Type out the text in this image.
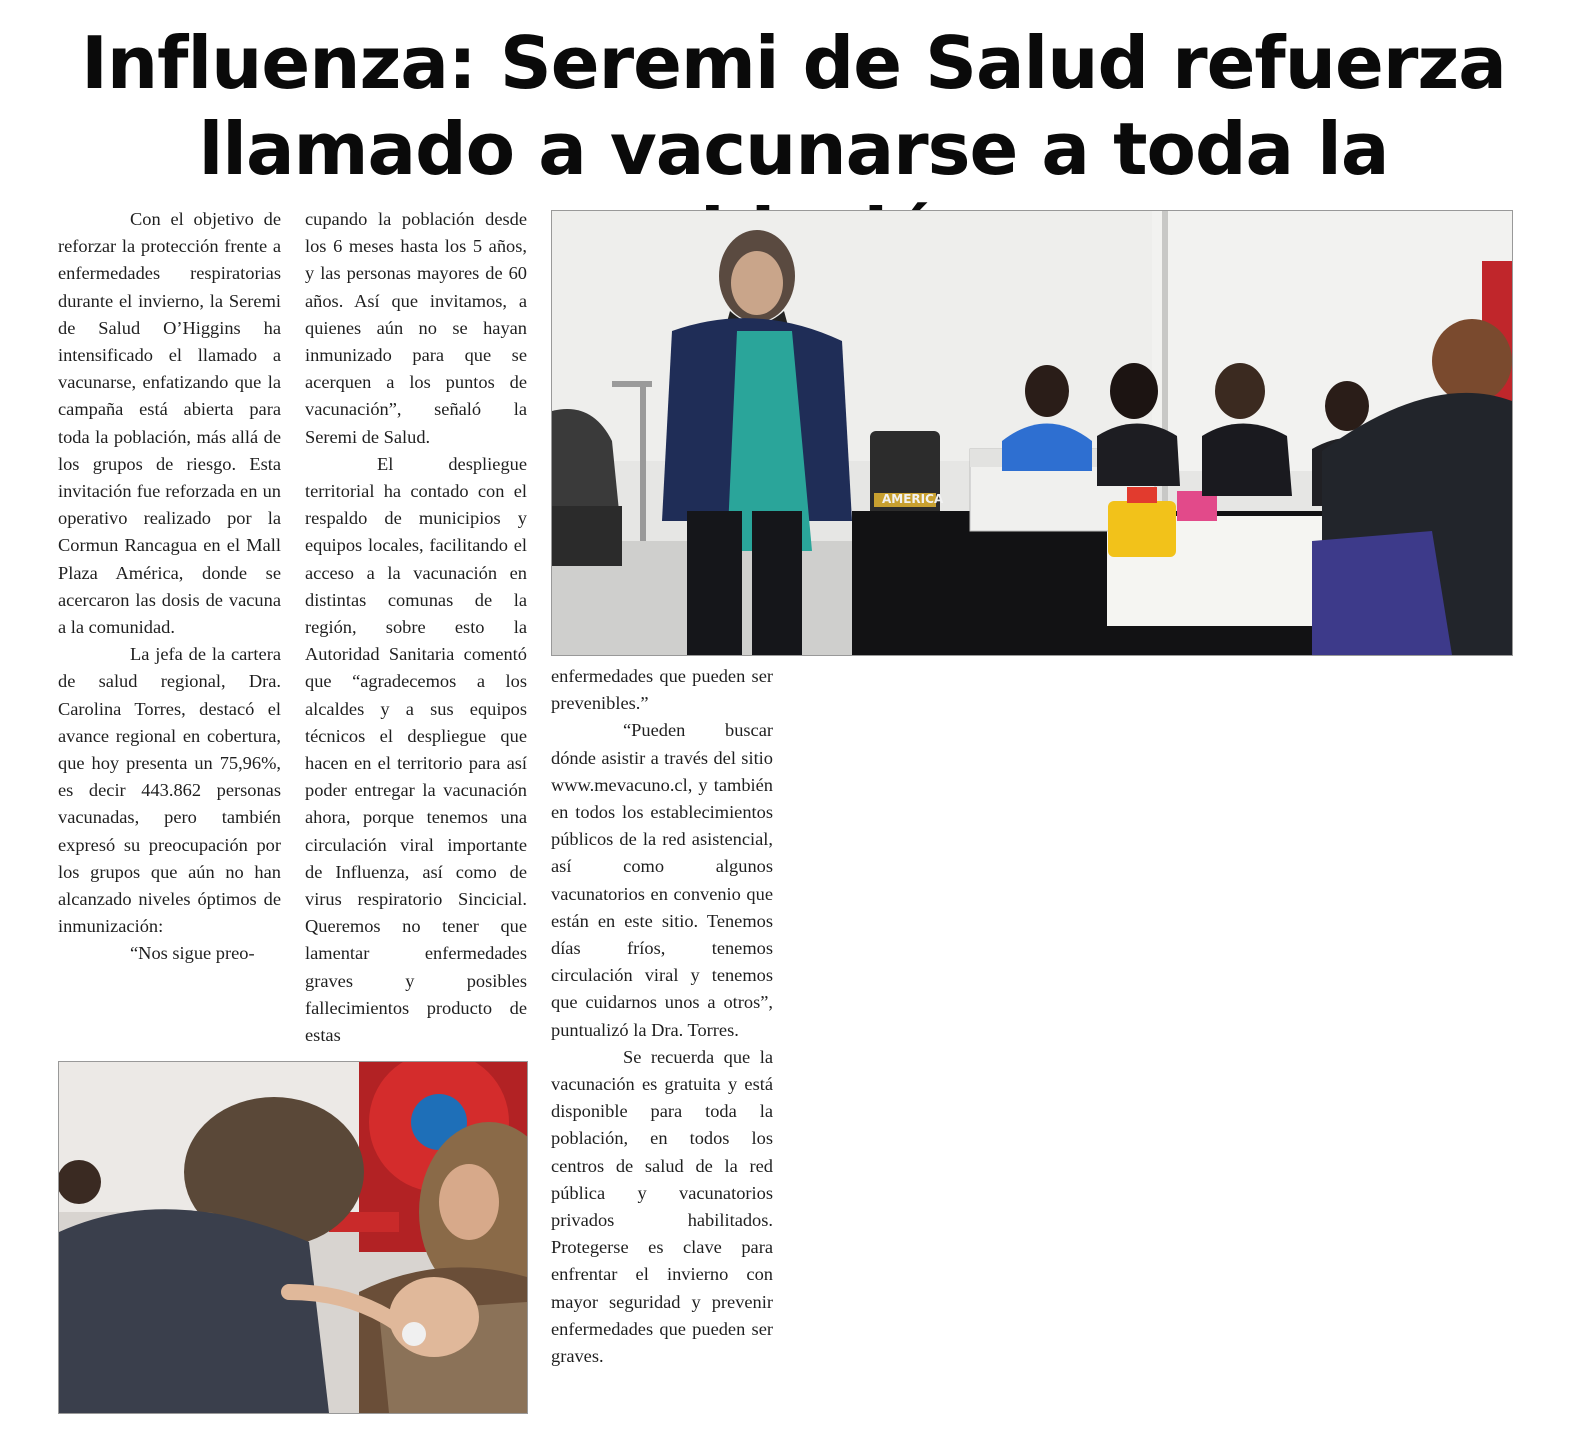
Influenza: Seremi de Salud refuerza
llamado a vacunarse a toda la

Con el objetivo de reforzar la protección frente a enfermedades respiratorias durante el invierno, la Seremi de Salud O’Higgins ha intensificado el llamado a vacunarse, enfatizando que la campaña está abierta para toda la población, más allá de los grupos de riesgo. Esta invitación fue reforzada en un operativo realizado por la Cormun Rancagua en el Mall Plaza América, donde se acercaron las dosis de vacuna a la comunidad.

La jefa de la cartera de salud regional, Dra. Carolina Torres, destacó el avance regional en cobertura, que hoy presenta un 75,96%, es decir 443.862 personas vacunadas, pero también expresó su preocupación por los grupos que aún no han alcanzado niveles óptimos de inmunización:

“Nos sigue preo-

cupando la población desde los 6 meses hasta los 5 años, y las personas mayores de 60 años. Así que invitamos, a quienes aún no se hayan inmunizado para que se acerquen a los puntos de vacunación”, señaló la Seremi de Salud.

El despliegue territorial ha contado con el respaldo de municipios y equipos locales, facilitando el acceso a la vacunación en distintas comunas de la región, sobre esto la Autoridad Sanitaria comentó que “agradecemos a los alcaldes y a sus equipos técnicos el despliegue que hacen en el territorio para así poder entregar la vacunación ahora, porque tenemos una circulación viral importante de Influenza, así como de virus respiratorio Sincicial. Queremos no tener que lamentar enfermedades graves y posibles fallecimientos producto de estas

enfermedades que pueden ser prevenibles.”

“Pueden buscar dónde asistir a través del sitio www.mevacuno.cl, y también en todos los establecimientos públicos de la red asistencial, así como algunos vacunatorios en convenio que están en este sitio. Tenemos días fríos, tenemos circulación viral y tenemos que cuidarnos unos a otros”, puntualizó la Dra. Torres.

Se recuerda que la vacunación es gratuita y está disponible para toda la población, en todos los centros de salud de la red pública y vacunatorios privados habilitados. Protegerse es clave para enfrentar el invierno con mayor seguridad y prevenir enfermedades que pueden ser graves.

AMERICA
